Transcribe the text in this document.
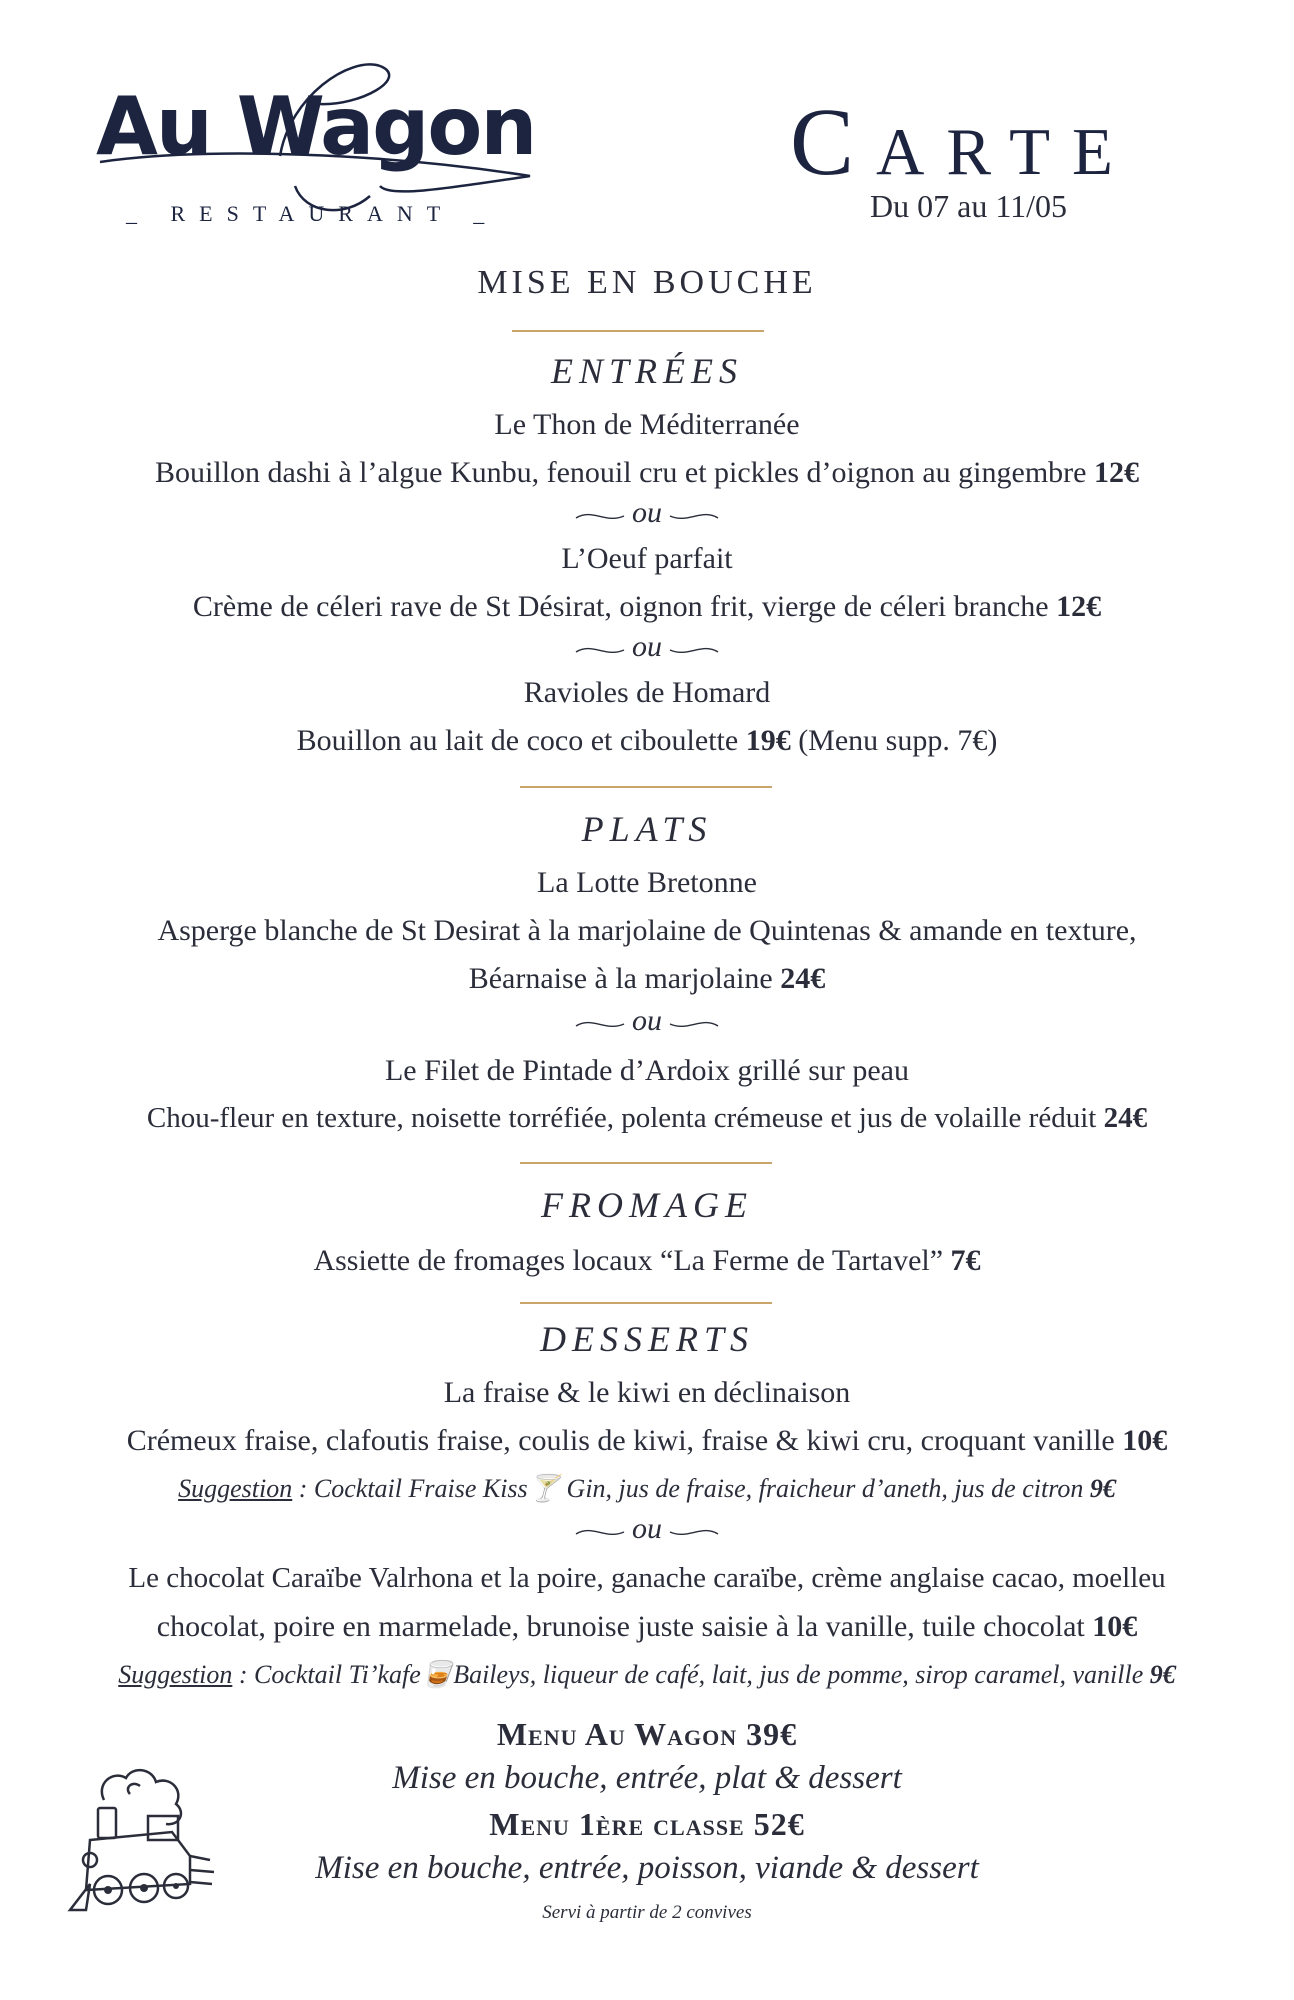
Au Wagon
_ RESTAURANT _
Carte
Du 07 au 11/05
MISE EN BOUCHE
ENTRÉES
Le Thon de Méditerranée
Bouillon dashi à l’algue Kunbu, fenouil cru et pickles d’oignon au gingembre 12€
ou
L’Oeuf parfait
Crème de céleri rave de St Désirat, oignon frit, vierge de céleri branche 12€
ou
Ravioles de Homard
Bouillon au lait de coco et ciboulette 19€ (Menu supp. 7€)
PLATS
La Lotte Bretonne
Asperge blanche de St Desirat à la marjolaine de Quintenas & amande en texture,
Béarnaise à la marjolaine 24€
ou
Le Filet de Pintade d’Ardoix grillé sur peau
Chou-fleur en texture, noisette torréfiée, polenta crémeuse et jus de volaille réduit 24€
FROMAGE
Assiette de fromages locaux “La Ferme de Tartavel” 7€
DESSERTS
La fraise & le kiwi en déclinaison
Crémeux fraise, clafoutis fraise, coulis de kiwi, fraise & kiwi cru, croquant vanille 10€
Suggestion : Cocktail Fraise Kiss🍸 Gin, jus de fraise, fraicheur d’aneth, jus de citron 9€
ou
Le chocolat Caraïbe Valrhona et la poire, ganache caraïbe, crème anglaise cacao, moelleu
chocolat, poire en marmelade, brunoise juste saisie à la vanille, tuile chocolat 10€
Suggestion : Cocktail Ti’kafe🥃Baileys, liqueur de café, lait, jus de pomme, sirop caramel, vanille 9€
Menu Au Wagon 39€
Mise en bouche, entrée, plat & dessert
Menu 1ère classe 52€
Mise en bouche, entrée, poisson, viande & dessert
Servi à partir de 2 convives
